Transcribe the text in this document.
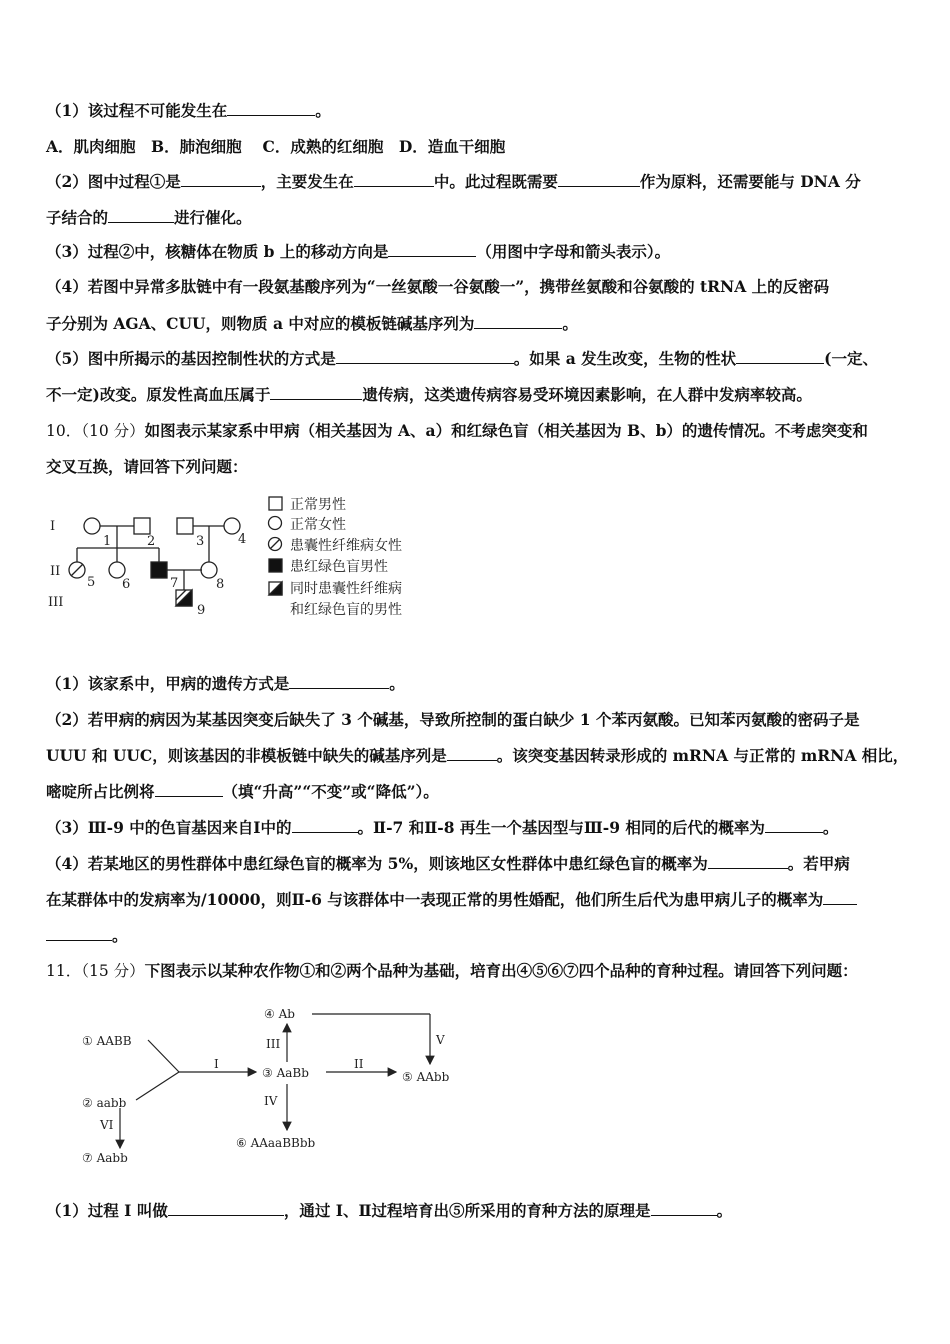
（1）该过程不可能发生在	。
A．肌肉细胞　B．肺泡细胞　 C．成熟的红细胞　D．造血干细胞
（2）图中过程①是	，主要发生在	中。此过程既需要	作为原料，还需要能与 DNA 分
子结合的	进行催化。
（3）过程②中，核糖体在物质 b 上的移动方向是	（用图中字母和箭头表示）。
（4）若图中异常多肽链中有一段氨基酸序列为“一丝氨酸一谷氨酸一”，携带丝氨酸和谷氨酸的 tRNA 上的反密码
子分别为 AGA、CUU，则物质 a 中对应的模板链碱基序列为	。
（5）图中所揭示的基因控制性状的方式是	。如果 a 发生改变，生物的性状	(一定、
不一定)改变。原发性高血压属于	遗传病，这类遗传病容易受环境因素影响，在人群中发病率较高。
10．（10 分）如图表示某家系中甲病（相关基因为 A、a）和红绿色盲（相关基因为 B、b）的遗传情况。不考虑突变和
交叉互换，请回答下列问题：
I
II
III
1	2	3	4
5 6	7	8
9
正常男性
正常女性
患囊性纤维病女性
患红绿色盲男性
同时患囊性纤维病
和红绿色盲的男性
（1）该家系中，甲病的遗传方式是	。
（2）若甲病的病因为某基因突变后缺失了 3 个碱基，导致所控制的蛋白缺少 1 个苯丙氨酸。已知苯丙氨酸的密码子是
UUU 和 UUC，则该基因的非模板链中缺失的碱基序列是	。该突变基因转录形成的 mRNA 与正常的 mRNA 相比，
嘧啶所占比例将	（填“升高”“不变”或“降低”）。
（3）Ⅲ-9 中的色盲基因来自Ⅰ中的	。Ⅱ-7 和Ⅱ-8 再生一个基因型与Ⅲ-9 相同的后代的概率为	。
（4）若某地区的男性群体中患红绿色盲的概率为 5%，则该地区女性群体中患红绿色盲的概率为	。若甲病
在某群体中的发病率为/10000，则Ⅱ-6 与该群体中一表现正常的男性婚配，他们所生后代为患甲病儿子的概率为
。
11．（15 分）下图表示以某种农作物①和②两个品种为基础，培育出④⑤⑥⑦四个品种的育种过程。请回答下列问题：
① AABB
② aabb
③ AaBb
④ Ab
⑤ AAbb
⑥ AAaaBBbb
⑦ Aabb
I	II
III
IV
V
VI
（1）过程 I 叫做	，通过 I、Ⅱ过程培育出⑤所采用的育种方法的原理是	。
